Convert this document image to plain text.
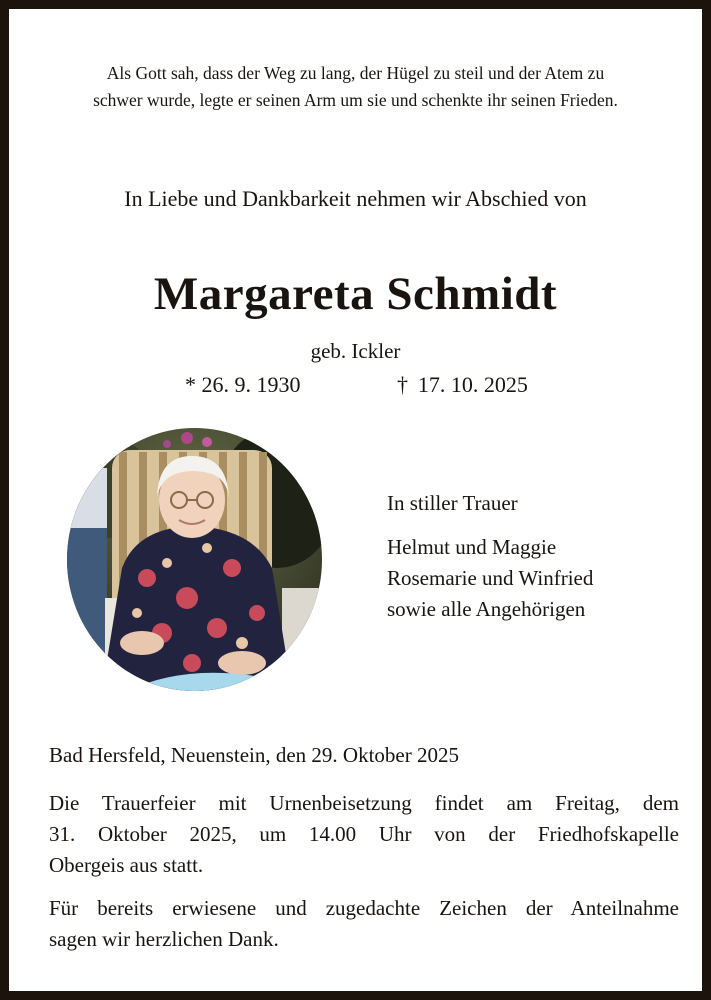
Als Gott sah, dass der Weg zu lang, der Hügel zu steil und der Atem zu
schwer wurde, legte er seinen Arm um sie und schenkte ihr seinen Frieden.
In Liebe und Dankbarkeit nehmen wir Abschied von
Margareta Schmidt
geb. Ickler
* 26. 9. 1930	†  17. 10. 2025
In stiller Trauer
Helmut und Maggie
Rosemarie und Winfried
sowie alle Angehörigen
Bad Hersfeld, Neuenstein, den 29. Oktober 2025
Die Trauerfeier mit Urnenbeisetzung findet am Freitag, dem
31. Oktober 2025, um 14.00 Uhr von der Friedhofskapelle
Obergeis aus statt.
Für bereits erwiesene und zugedachte Zeichen der Anteilnahme
sagen wir herzlichen Dank.
